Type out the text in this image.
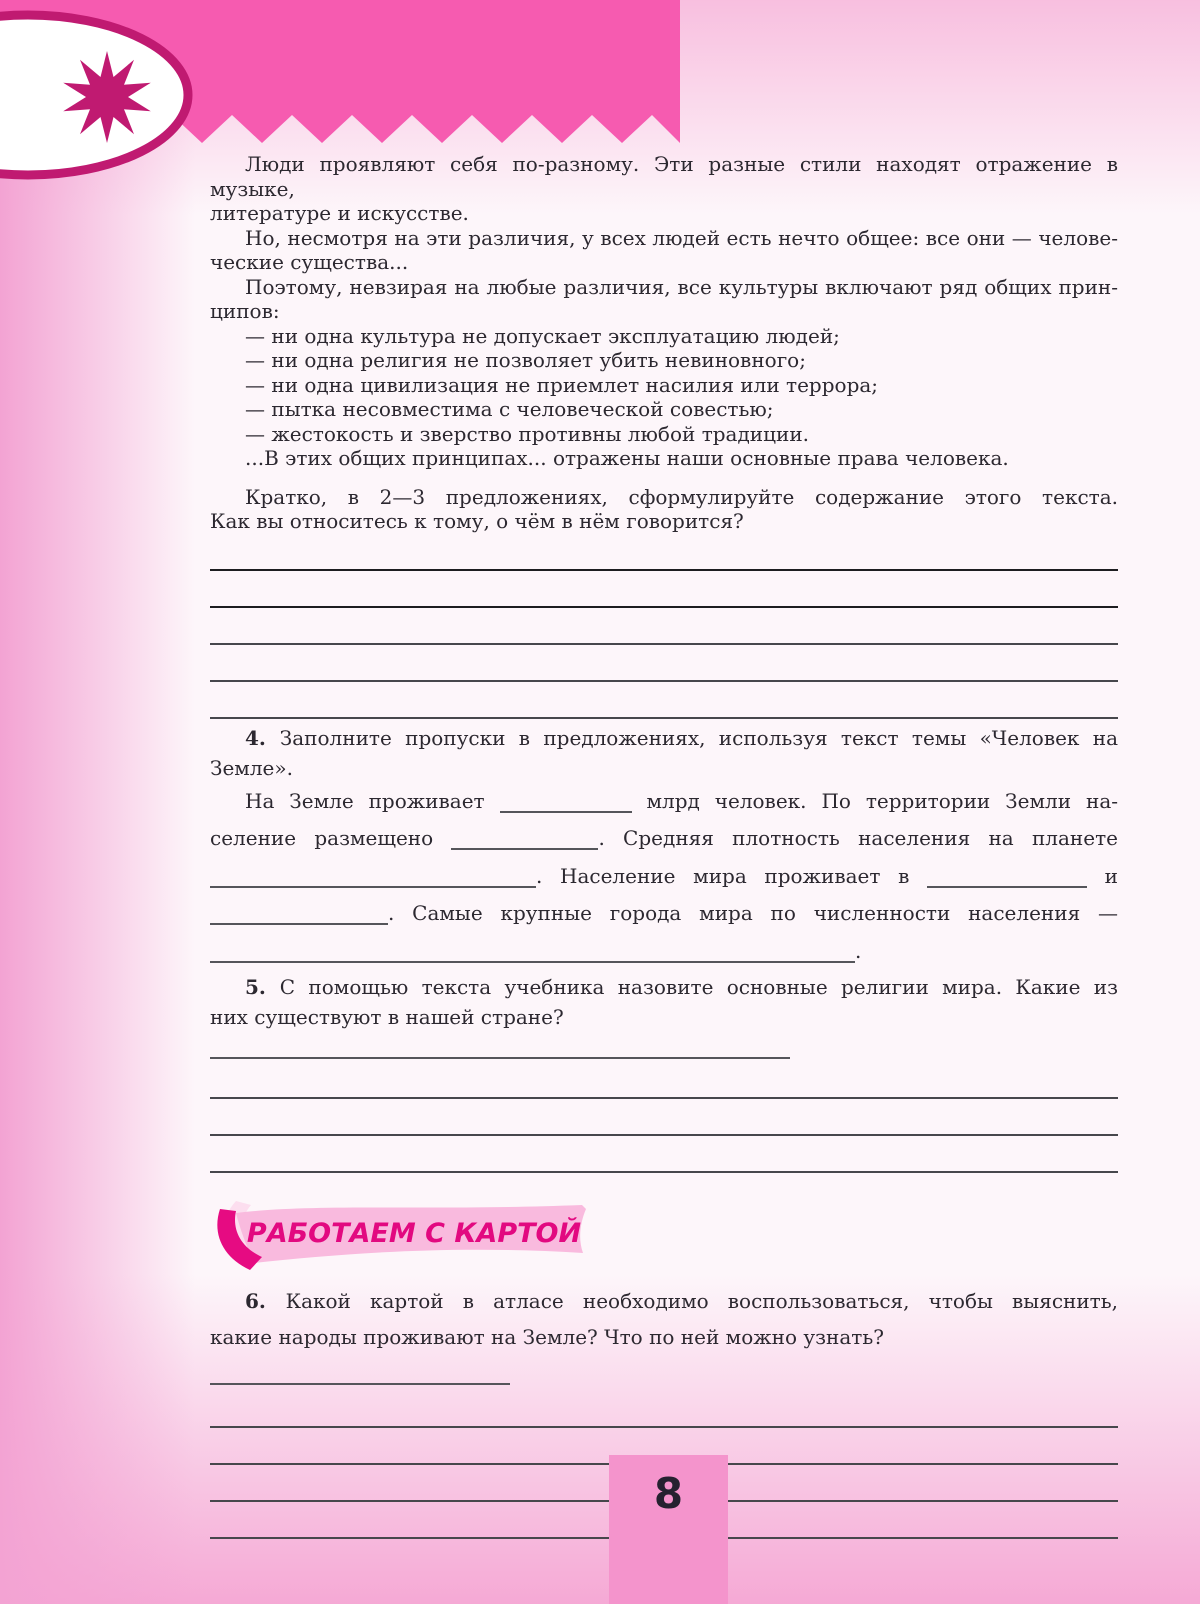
Люди проявляют себя по-разному. Эти разные стили находят отражение в музыке,
литературе и искусстве.
Но, несмотря на эти различия, у всех людей есть нечто общее: все они — челове-
ческие существа...
Поэтому, невзирая на любые различия, все культуры включают ряд общих прин-
ципов:
— ни одна культура не допускает эксплуатацию людей;
— ни одна религия не позволяет убить невиновного;
— ни одна цивилизация не приемлет насилия или террора;
— пытка несовместима с человеческой совестью;
— жестокость и зверство противны любой традиции.
...В этих общих принципах... отражены наши основные права человека.
Кратко, в 2—3 предложениях, сформулируйте содержание этого текста.
Как вы относитесь к тому, о чём в нём говорится?
4. Заполните пропуски в предложениях, используя текст темы «Человек на
Земле».
На Земле проживает	млрд человек. По территории Земли на-
селение размещено	. Средняя плотность населения на планете
. Население мира проживает в	и
. Самые крупные города мира по численности населения —
.
5. С помощью текста учебника назовите основные религии мира. Какие из
них существуют в нашей стране?
РАБОТАЕМ С КАРТОЙ
6. Какой картой в атласе необходимо воспользоваться, чтобы выяснить,
какие народы проживают на Земле? Что по ней можно узнать?
8
